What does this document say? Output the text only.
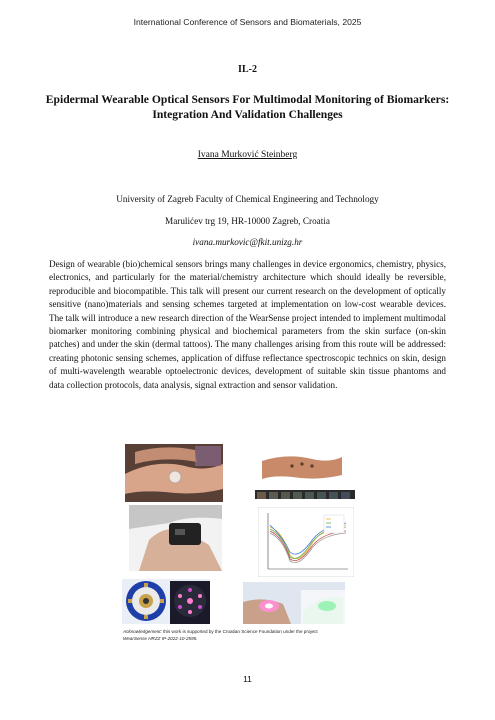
International Conference of Sensors and Biomaterials, 2025
IL-2
Epidermal Wearable Optical Sensors For Multimodal Monitoring of Biomarkers: Integration And Validation Challenges
Ivana Murković Steinberg
University of Zagreb Faculty of Chemical Engineering and Technology
Marulićev trg 19, HR-10000 Zagreb, Croatia
ivana.murkovic@fkit.unizg.hr

Design of wearable (bio)chemical sensors brings many challenges in device ergonomics, chemistry, physics, electronics, and particularly for the material/chemistry architecture which should ideally be reversible, reproducible and biocompatible. This talk will present our current research on the development of optically sensitive (nano)materials and sensing schemes targeted at implementation on low-cost wearable devices. The talk will introduce a new research direction of the WearSense project intended to implement multimodal biomarker monitoring combining physical and biochemical parameters from the skin surface (on-skin patches) and under the skin (dermal tattoos). The many challenges arising from this route will be addressed: creating photonic sensing schemes, application of diffuse reflectance spectroscopic technics on skin, design of multi-wavelength wearable optoelectronic devices, development of suitable skin tissue phantoms and data collection protocols, data analysis, signal extraction and sensor validation.

Acknowledgement: this work is supported by the Croatian Science Foundation under the project
WearSense HRZZ IP-2022-10-2595.
11
